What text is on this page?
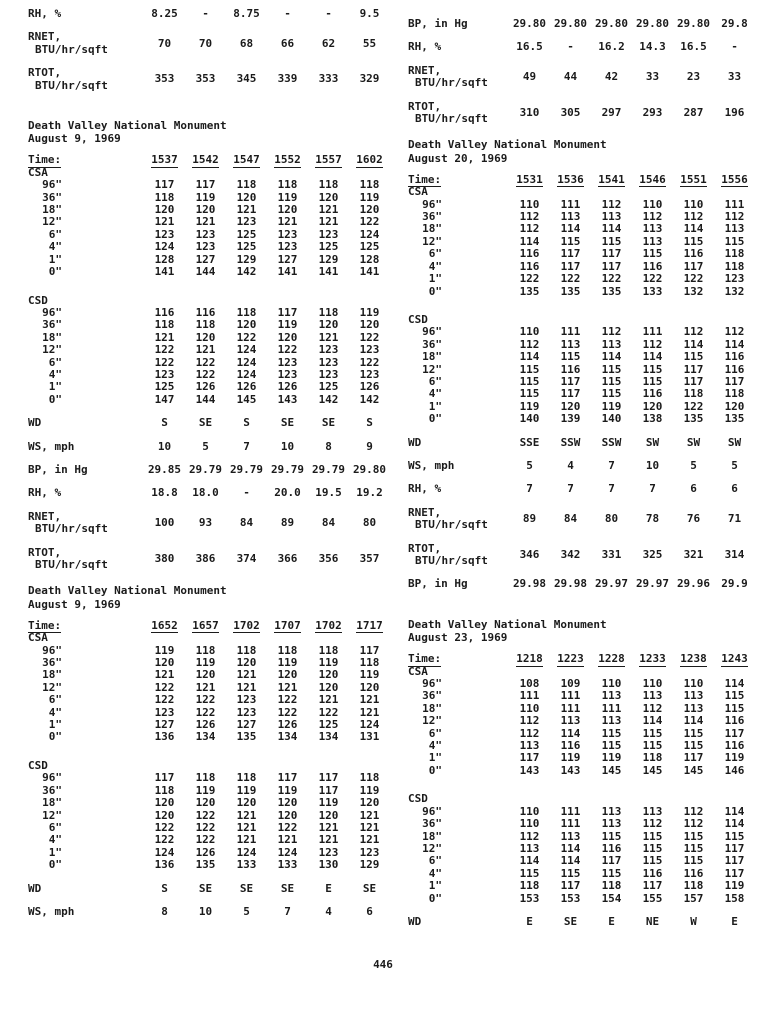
RH, %	8.25	-	8.75	-	-	9.5
RNET,
BTU/hr/sqft	70	70	68	66	62	55
RTOT,
BTU/hr/sqft	353	353	345	339	333	329
Death Valley National Monument
August 9, 1969
Time:	1537	1542	1547	1552	1557	1602
CSA
96"	117	117	118	118	118	118
36"	118	119	120	119	120	119
18"	120	120	121	120	121	120
12"	121	121	123	121	121	122
6"	123	123	125	123	123	124
4"	124	123	125	123	125	125
1"	128	127	129	127	129	128
0"	141	144	142	141	141	141
CSD
96"	116	116	118	117	118	119
36"	118	118	120	119	120	120
18"	121	120	122	120	121	122
12"	122	121	124	122	123	123
6"	122	122	124	123	123	122
4"	123	122	124	123	123	123
1"	125	126	126	126	125	126
0"	147	144	145	143	142	142
WD	S	SE	S	SE	SE	S
WS, mph	10	5	7	10	8	9
BP, in Hg	29.85 29.79 29.79 29.79 29.79 29.80
RH, %	18.8	18.0	-	20.0	19.5	19.2
RNET,
BTU/hr/sqft	100	93	84	89	84	80
RTOT,
BTU/hr/sqft	380	386	374	366	356	357
Death Valley National Monument
August 9, 1969
Time:	1652	1657	1702	1707	1702	1717
CSA
96"	119	118	118	118	118	117
36"	120	119	120	119	119	118
18"	121	120	121	120	120	119
12"	122	121	121	121	120	120
6"	122	122	123	122	121	121
4"	123	122	123	122	122	121
1"	127	126	127	126	125	124
0"	136	134	135	134	134	131
CSD
96"	117	118	118	117	117	118
36"	118	119	119	119	117	119
18"	120	120	120	120	119	120
12"	120	122	121	120	120	121
6"	122	122	121	122	121	121
4"	122	122	121	121	121	121
1"	124	126	124	124	123	123
0"	136	135	133	133	130	129
WD	S	SE	SE	SE	E	SE
WS, mph	8	10	5	7	4	6
BP, in Hg	29.80 29.80 29.80 29.80 29.80	29.8
RH, %	16.5	-	16.2	14.3	16.5	-
RNET,
BTU/hr/sqft	49	44	42	33	23	33
RTOT,
BTU/hr/sqft	310	305	297	293	287	196
Death Valley National Monument
August 20, 1969
Time:	1531	1536	1541	1546	1551	1556
CSA
96"	110	111	112	110	110	111
36"	112	113	113	112	112	112
18"	112	114	114	113	114	113
12"	114	115	115	113	115	115
6"	116	117	117	115	116	118
4"	116	117	117	116	117	118
1"	122	122	122	122	122	123
0"	135	135	135	133	132	132
CSD
96"	110	111	112	111	112	112
36"	112	113	113	112	114	114
18"	114	115	114	114	115	116
12"	115	116	115	115	117	116
6"	115	117	115	115	117	117
4"	115	117	115	116	118	118
1"	119	120	119	120	122	120
0"	140	139	140	138	135	135
WD	SSE	SSW	SSW	SW	SW	SW
WS, mph	5	4	7	10	5	5
RH, %	7	7	7	7	6	6
RNET,
BTU/hr/sqft	89	84	80	78	76	71
RTOT,
BTU/hr/sqft	346	342	331	325	321	314
BP, in Hg	29.98 29.98 29.97 29.97 29.96	29.9
Death Valley National Monument
August 23, 1969
Time:	1218	1223	1228	1233	1238	1243
CSA
96"	108	109	110	110	110	114
36"	111	111	113	113	113	115
18"	110	111	111	112	113	115
12"	112	113	113	114	114	116
6"	112	114	115	115	115	117
4"	113	116	115	115	115	116
1"	117	119	119	118	117	119
0"	143	143	145	145	145	146
CSD
96"	110	111	113	113	112	114
36"	110	111	113	112	112	114
18"	112	113	115	115	115	115
12"	113	114	116	115	115	117
6"	114	114	117	115	115	117
4"	115	115	115	116	116	117
1"	118	117	118	117	118	119
0"	153	153	154	155	157	158
WD	E	SE	E	NE	W	E
446
